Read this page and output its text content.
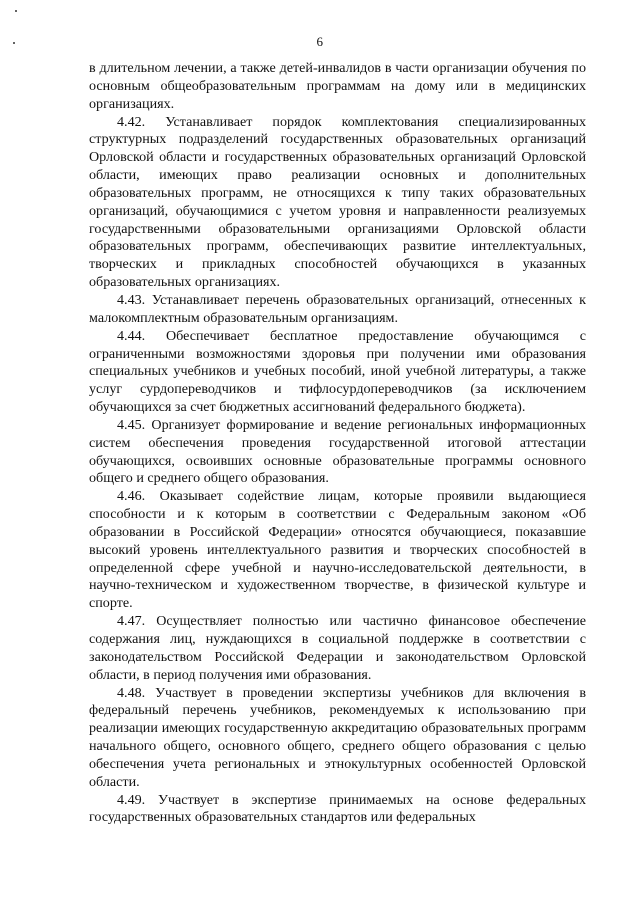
6

в длительном лечении, а также детей-инвалидов в части организации обучения по основным общеобразовательным программам на дому или в медицинских организациях.

4.42. Устанавливает порядок комплектования специализированных структурных подразделений государственных образовательных организаций Орловской области и государственных образовательных организаций Орловской области, имеющих право реализации основных и дополнительных образовательных программ, не относящихся к типу таких образовательных организаций, обучающимися с учетом уровня и направленности реализуемых государственными образовательными организациями Орловской области образовательных программ, обеспечивающих развитие интеллектуальных, творческих и прикладных способностей обучающихся в указанных образовательных организациях.

4.43. Устанавливает перечень образовательных организаций, отнесенных к малокомплектным образовательным организациям.

4.44. Обеспечивает бесплатное предоставление обучающимся с ограниченными возможностями здоровья при получении ими образования специальных учебников и учебных пособий, иной учебной литературы, а также услуг сурдопереводчиков и тифлосурдопереводчиков (за исключением обучающихся за счет бюджетных ассигнований федерального бюджета).

4.45. Организует формирование и ведение региональных информационных систем обеспечения проведения государственной итоговой аттестации обучающихся, освоивших основные образовательные программы основного общего и среднего общего образования.

4.46. Оказывает содействие лицам, которые проявили выдающиеся способности и к которым в соответствии с Федеральным законом «Об образовании в Российской Федерации» относятся обучающиеся, показавшие высокий уровень интеллектуального развития и творческих способностей в определенной сфере учебной и научно-исследовательской деятельности, в научно-техническом и художественном творчестве, в физической культуре и спорте.

4.47. Осуществляет полностью или частично финансовое обеспечение содержания лиц, нуждающихся в социальной поддержке в соответствии с законодательством Российской Федерации и законодательством Орловской области, в период получения ими образования.

4.48. Участвует в проведении экспертизы учебников для включения в федеральный перечень учебников, рекомендуемых к использованию при реализации имеющих государственную аккредитацию образовательных программ начального общего, основного общего, среднего общего образования с целью обеспечения учета региональных и этнокультурных особенностей Орловской области.

4.49. Участвует в экспертизе принимаемых на основе федеральных государственных образовательных стандартов или федеральных
